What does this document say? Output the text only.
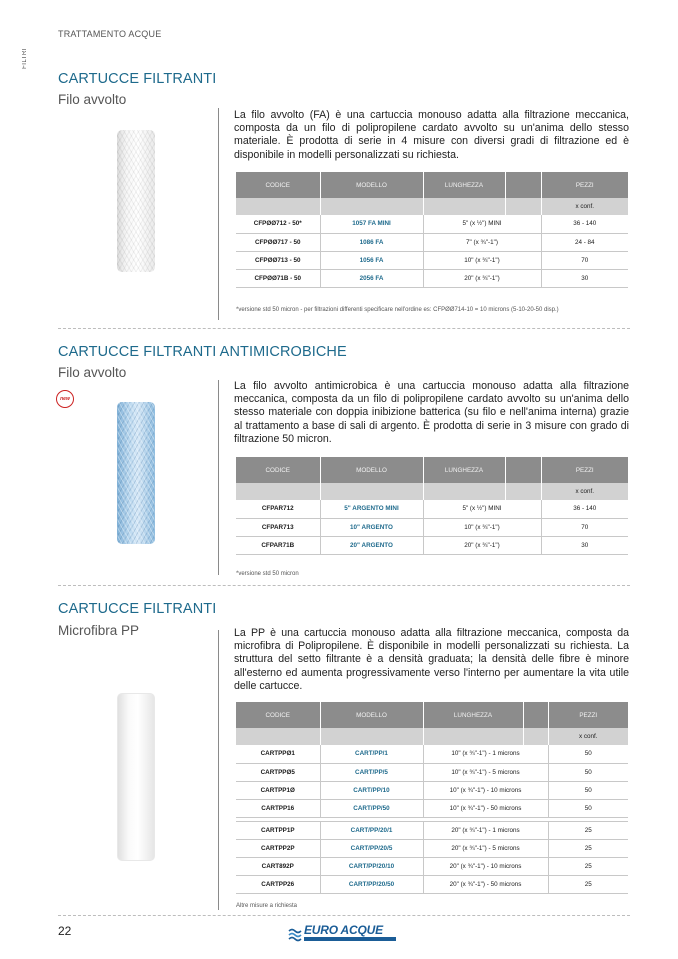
TRATTAMENTO ACQUE
FILTRI
CARTUCCE FILTRANTI
Filo avvolto
La filo avvolto (FA) è una cartuccia monouso adatta alla filtrazione meccanica, composta da un filo di polipropilene cardato avvolto su un'anima dello stesso materiale. È prodotta di serie in 4 misure con diversi gradi di filtrazione ed è disponibile in modelli personalizzati su richiesta.
CODICE	MODELLO	LUNGHEZZA		PEZZI
				x conf.
CFPØØ712 - 50*	1057 FA MINI	5" (x ½") MINI		36 - 140
CFPØØ717 - 50	1086 FA	7" (x ¾"-1")		24 - 84
CFPØØ713 - 50	1056 FA	10" (x ¾"-1")		70
CFPØØ71B - 50	2056 FA	20" (x ¾"-1")		30
*versione std 50 micron - per filtrazioni differenti specificare nell'ordine es: CFPØØ714-10 = 10 microns (5-10-20-50 disp.)
CARTUCCE FILTRANTI ANTIMICROBICHE
Filo avvolto
new
La filo avvolto antimicrobica è una cartuccia monouso adatta alla filtrazione meccanica, composta da un filo di polipropilene cardato avvolto su un'anima dello stesso materiale con doppia inibizione batterica (su filo e nell'anima interna) grazie al trattamento a base di sali di argento. È prodotta di serie in 3 misure con grado di filtrazione 50 micron.
CODICE	MODELLO	LUNGHEZZA		PEZZI
				x conf.
CFPAR712	5" ARGENTO MINI	5" (x ½") MINI		36 - 140
CFPAR713	10" ARGENTO	10" (x ¾"-1")		70
CFPAR71B	20" ARGENTO	20" (x ¾"-1")		30
*versione std 50 micron
CARTUCCE FILTRANTI
Microfibra PP	La PP è una cartuccia monouso adatta alla filtrazione meccanica, composta da microfibra di Polipropilene. È disponibile in modelli personalizzati su richiesta. La struttura del setto filtrante è a densità graduata; la densità delle fibre è minore all'esterno ed aumenta progressivamente verso l'interno per aumentare la vita utile delle cartucce.
CODICE	MODELLO	LUNGHEZZA		PEZZI
				x conf.
CARTPPØ1	CART/PP/1	10" (x ¾"-1") - 1 microns		50
CARTPPØ5	CART/PP/5	10" (x ¾"-1") - 5 microns		50
CARTPP1Ø	CART/PP/10	10" (x ¾"-1") - 10 microns		50
CARTPP16	CART/PP/50	10" (x ¾"-1") - 50 microns		50

CARTPP1P	CART/PP/20/1	20" (x ¾"-1") - 1 microns		25
CARTPP2P	CART/PP/20/5	20" (x ¾"-1") - 5 microns		25
CART892P	CART/PP/20/10	20" (x ¾"-1") - 10 microns		25
CARTPP26	CART/PP/20/50	20" (x ¾"-1") - 50 microns		25
Altre misure a richiesta
22	EURO ACQUE
